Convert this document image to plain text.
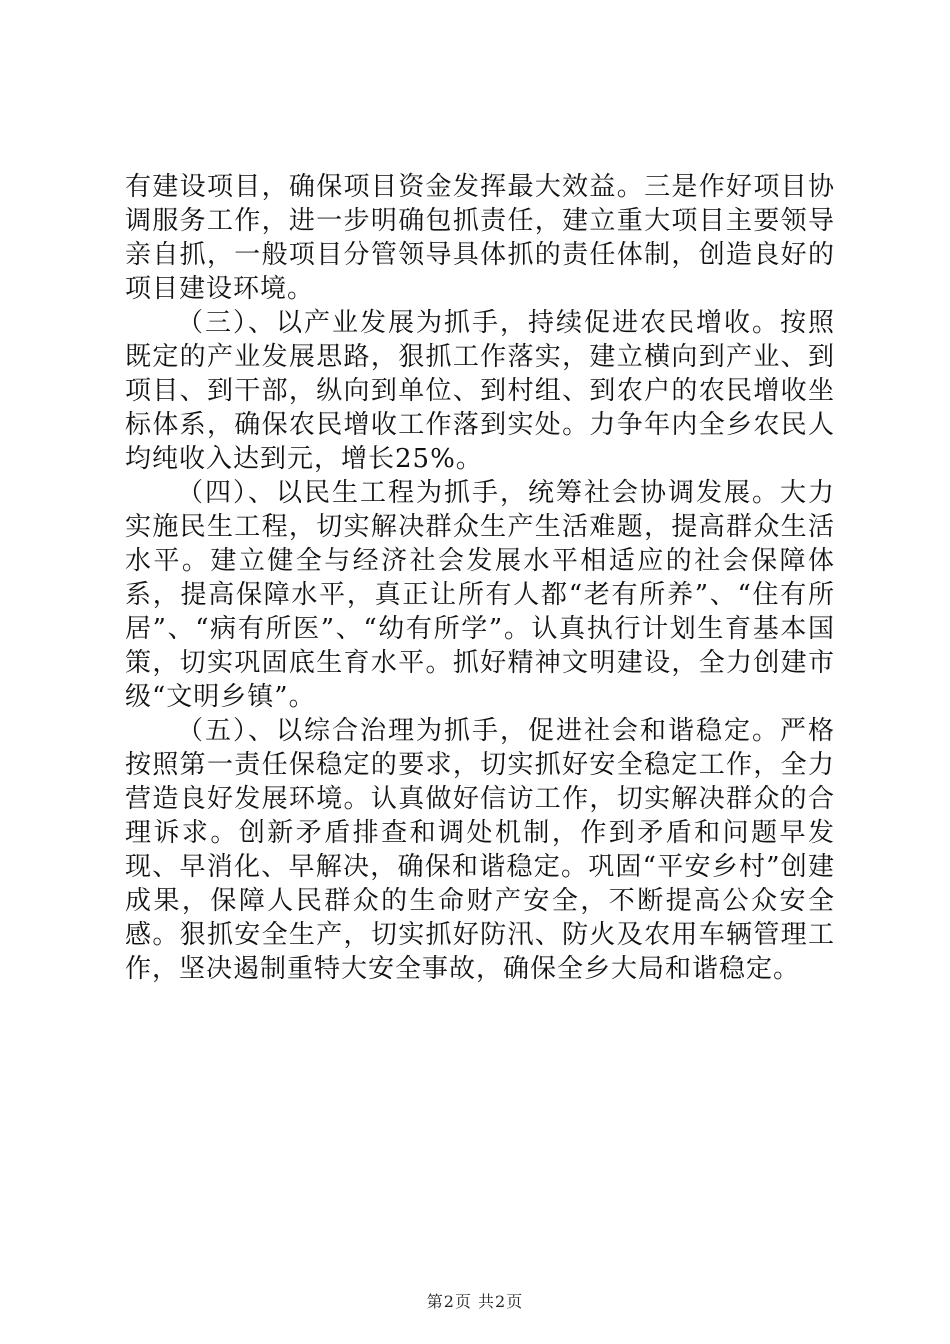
有建设项目，确保项目资金发挥最大效益。三是作好项目协调服务工作，进一步明确包抓责任，建立重大项目主要领导亲自抓，一般项目分管领导具体抓的责任体制，创造良好的项目建设环境。

（三）、以产业发展为抓手，持续促进农民增收。按照既定的产业发展思路，狠抓工作落实，建立横向到产业、到项目、到干部，纵向到单位、到村组、到农户的农民增收坐标体系，确保农民增收工作落到实处。力争年内全乡农民人均纯收入达到元，增长25%。

（四）、以民生工程为抓手，统筹社会协调发展。大力实施民生工程，切实解决群众生产生活难题，提高群众生活水平。建立健全与经济社会发展水平相适应的社会保障体系，提高保障水平，真正让所有人都“老有所养”、“住有所居”、“病有所医”、“幼有所学”。认真执行计划生育基本国策，切实巩固底生育水平。抓好精神文明建设，全力创建市级“文明乡镇”。

（五）、以综合治理为抓手，促进社会和谐稳定。严格按照第一责任保稳定的要求，切实抓好安全稳定工作，全力营造良好发展环境。认真做好信访工作，切实解决群众的合理诉求。创新矛盾排查和调处机制，作到矛盾和问题早发现、早消化、早解决，确保和谐稳定。巩固“平安乡村”创建成果，保障人民群众的生命财产安全，不断提高公众安全感。狠抓安全生产，切实抓好防汛、防火及农用车辆管理工作，坚决遏制重特大安全事故，确保全乡大局和谐稳定。

第2页 共2页
